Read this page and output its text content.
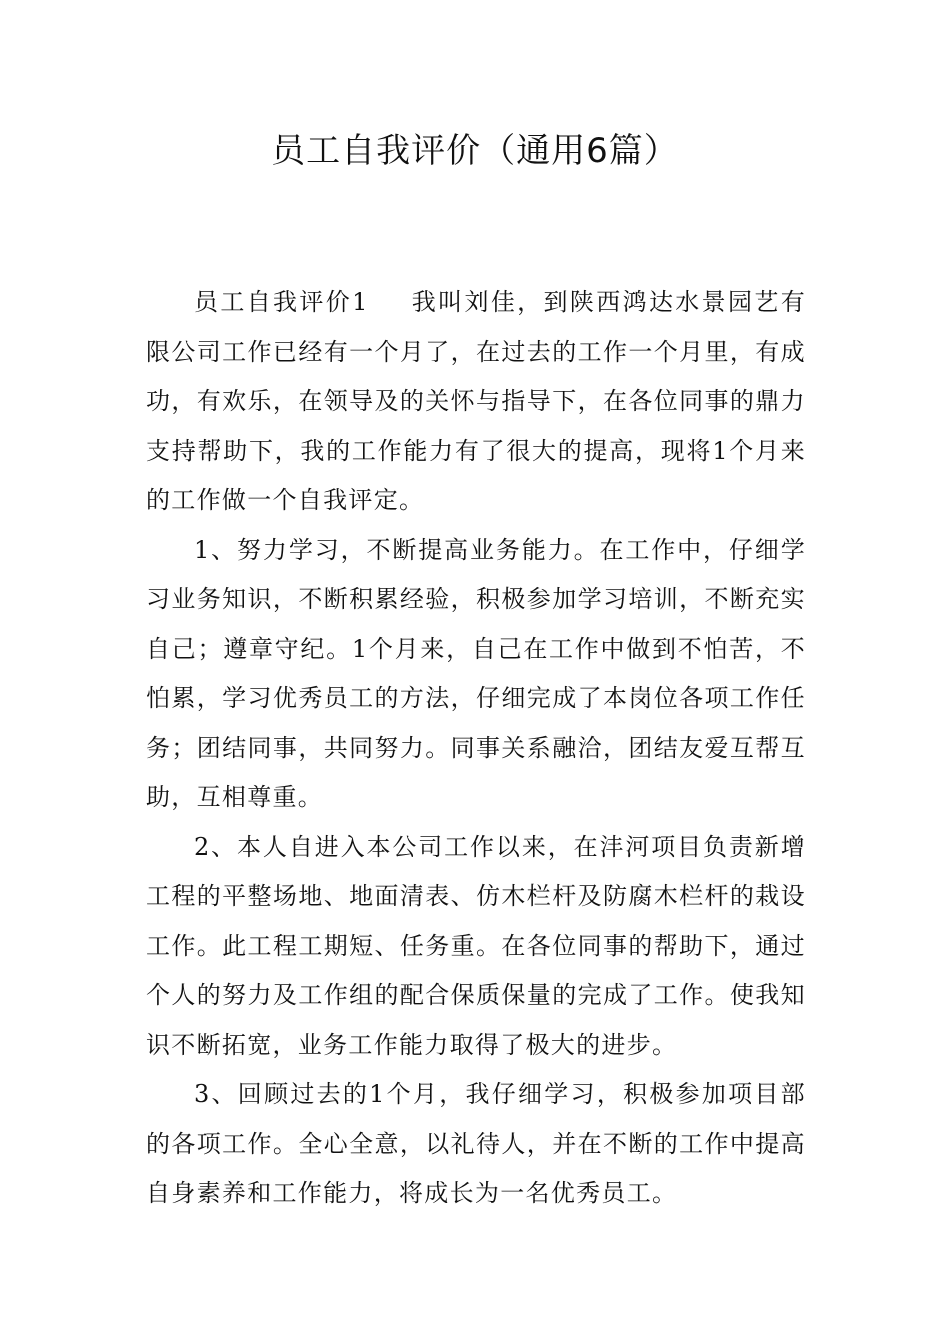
员工自我评价（通用6篇）

员工自我评价1 我叫刘佳，到陕西鸿达水景园艺有限公司工作已经有一个月了，在过去的工作一个月里，有成功，有欢乐，在领导及的关怀与指导下，在各位同事的鼎力支持帮助下，我的工作能力有了很大的提高，现将1个月来的工作做一个自我评定。

1、努力学习，不断提高业务能力。在工作中，仔细学习业务知识，不断积累经验，积极参加学习培训，不断充实自己；遵章守纪。1个月来，自己在工作中做到不怕苦，不怕累，学习优秀员工的方法，仔细完成了本岗位各项工作任务；团结同事，共同努力。同事关系融洽，团结友爱互帮互助，互相尊重。

2、本人自进入本公司工作以来，在沣河项目负责新增工程的平整场地、地面清表、仿木栏杆及防腐木栏杆的栽设工作。此工程工期短、任务重。在各位同事的帮助下，通过个人的努力及工作组的配合保质保量的完成了工作。使我知识不断拓宽，业务工作能力取得了极大的进步。

3、回顾过去的1个月，我仔细学习，积极参加项目部的各项工作。全心全意，以礼待人，并在不断的工作中提高自身素养和工作能力，将成长为一名优秀员工。
